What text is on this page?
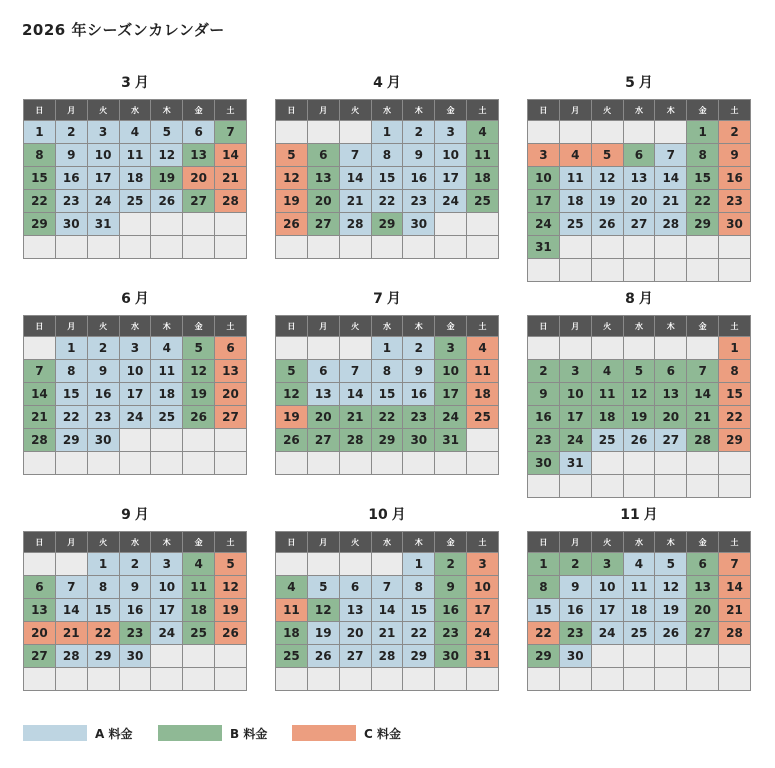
2026 年シーズンカレンダー
3 月
日	月	火	水	木	金	土
1	2	3	4	5	6	7
8	9	10	11	12	13	14
15	16	17	18	19	20	21
22	23	24	25	26	27	28
29	30	31				

4 月
日	月	火	水	木	金	土
			1	2	3	4
5	6	7	8	9	10	11
12	13	14	15	16	17	18
19	20	21	22	23	24	25
26	27	28	29	30		

5 月
日	月	火	水	木	金	土
					1	2
3	4	5	6	7	8	9
10	11	12	13	14	15	16
17	18	19	20	21	22	23
24	25	26	27	28	29	30
31						

6 月
日	月	火	水	木	金	土
	1	2	3	4	5	6
7	8	9	10	11	12	13
14	15	16	17	18	19	20
21	22	23	24	25	26	27
28	29	30				

7 月
日	月	火	水	木	金	土
			1	2	3	4
5	6	7	8	9	10	11
12	13	14	15	16	17	18
19	20	21	22	23	24	25
26	27	28	29	30	31	

8 月
日	月	火	水	木	金	土
						1
2	3	4	5	6	7	8
9	10	11	12	13	14	15
16	17	18	19	20	21	22
23	24	25	26	27	28	29
30	31					

9 月
日	月	火	水	木	金	土
		1	2	3	4	5
6	7	8	9	10	11	12
13	14	15	16	17	18	19
20	21	22	23	24	25	26
27	28	29	30			

10 月
日	月	火	水	木	金	土
				1	2	3
4	5	6	7	8	9	10
11	12	13	14	15	16	17
18	19	20	21	22	23	24
25	26	27	28	29	30	31

11 月
日	月	火	水	木	金	土
1	2	3	4	5	6	7
8	9	10	11	12	13	14
15	16	17	18	19	20	21
22	23	24	25	26	27	28
29	30					

A 料金	B 料金	C 料金
